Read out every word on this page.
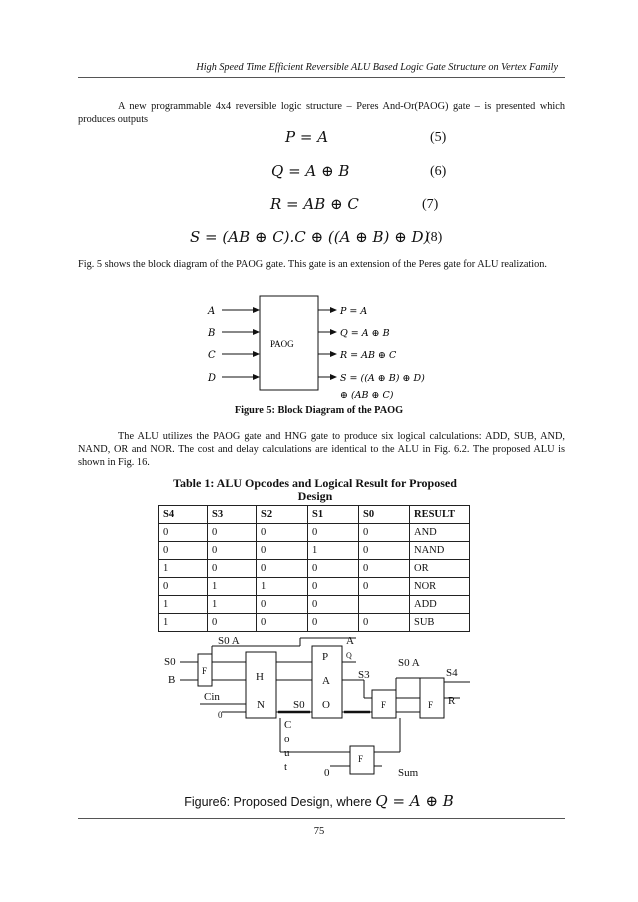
High Speed Time Efficient Reversible ALU Based Logic Gate Structure on Vertex Family
A new programmable 4x4 reversible logic structure – Peres And-Or(PAOG) gate – is presented which produces outputs
P = A	(5)
Q = A ⊕ B	(6)
R = AB ⊕ C	(7)
S = (AB ⊕ C).C ⊕ ((A ⊕ B) ⊕ D)
(8)
Fig. 5 shows the block diagram of the PAOG gate. This gate is an extension of the Peres gate for ALU realization.
A
B
C
D
PAOG
P = A
Q = A ⊕ B
R = AB ⊕ C
S = ((A ⊕ B) ⊕ D)
⊕ (AB ⊕ C)
Figure 5: Block Diagram of the PAOG
The ALU utilizes the PAOG gate and HNG gate to produce six logical calculations: ADD, SUB, AND, NAND, OR and NOR. The cost and delay calculations are identical to the ALU in Fig. 6.2. The proposed ALU is shown in Fig. 16.
Table 1: ALU Opcodes and Logical Result for Proposed
Design
S4	S3	S2	S1	S0	RESULT
0	0	0	0	0	AND
0	0	0	1	0	NAND
1	0	0	0	0	OR
0	1	1	0	0	NOR
1	1	0	0		ADD
1	0	0	0	0	SUB
S0
B
F
S0 A
H
N
Cin
0
S0
P
A
O
A
Q
S3
S0 A
F	F
S4
R
C
o
u
t
F
0	Sum
Figure6: Proposed Design, where Q = A ⊕ B
75
